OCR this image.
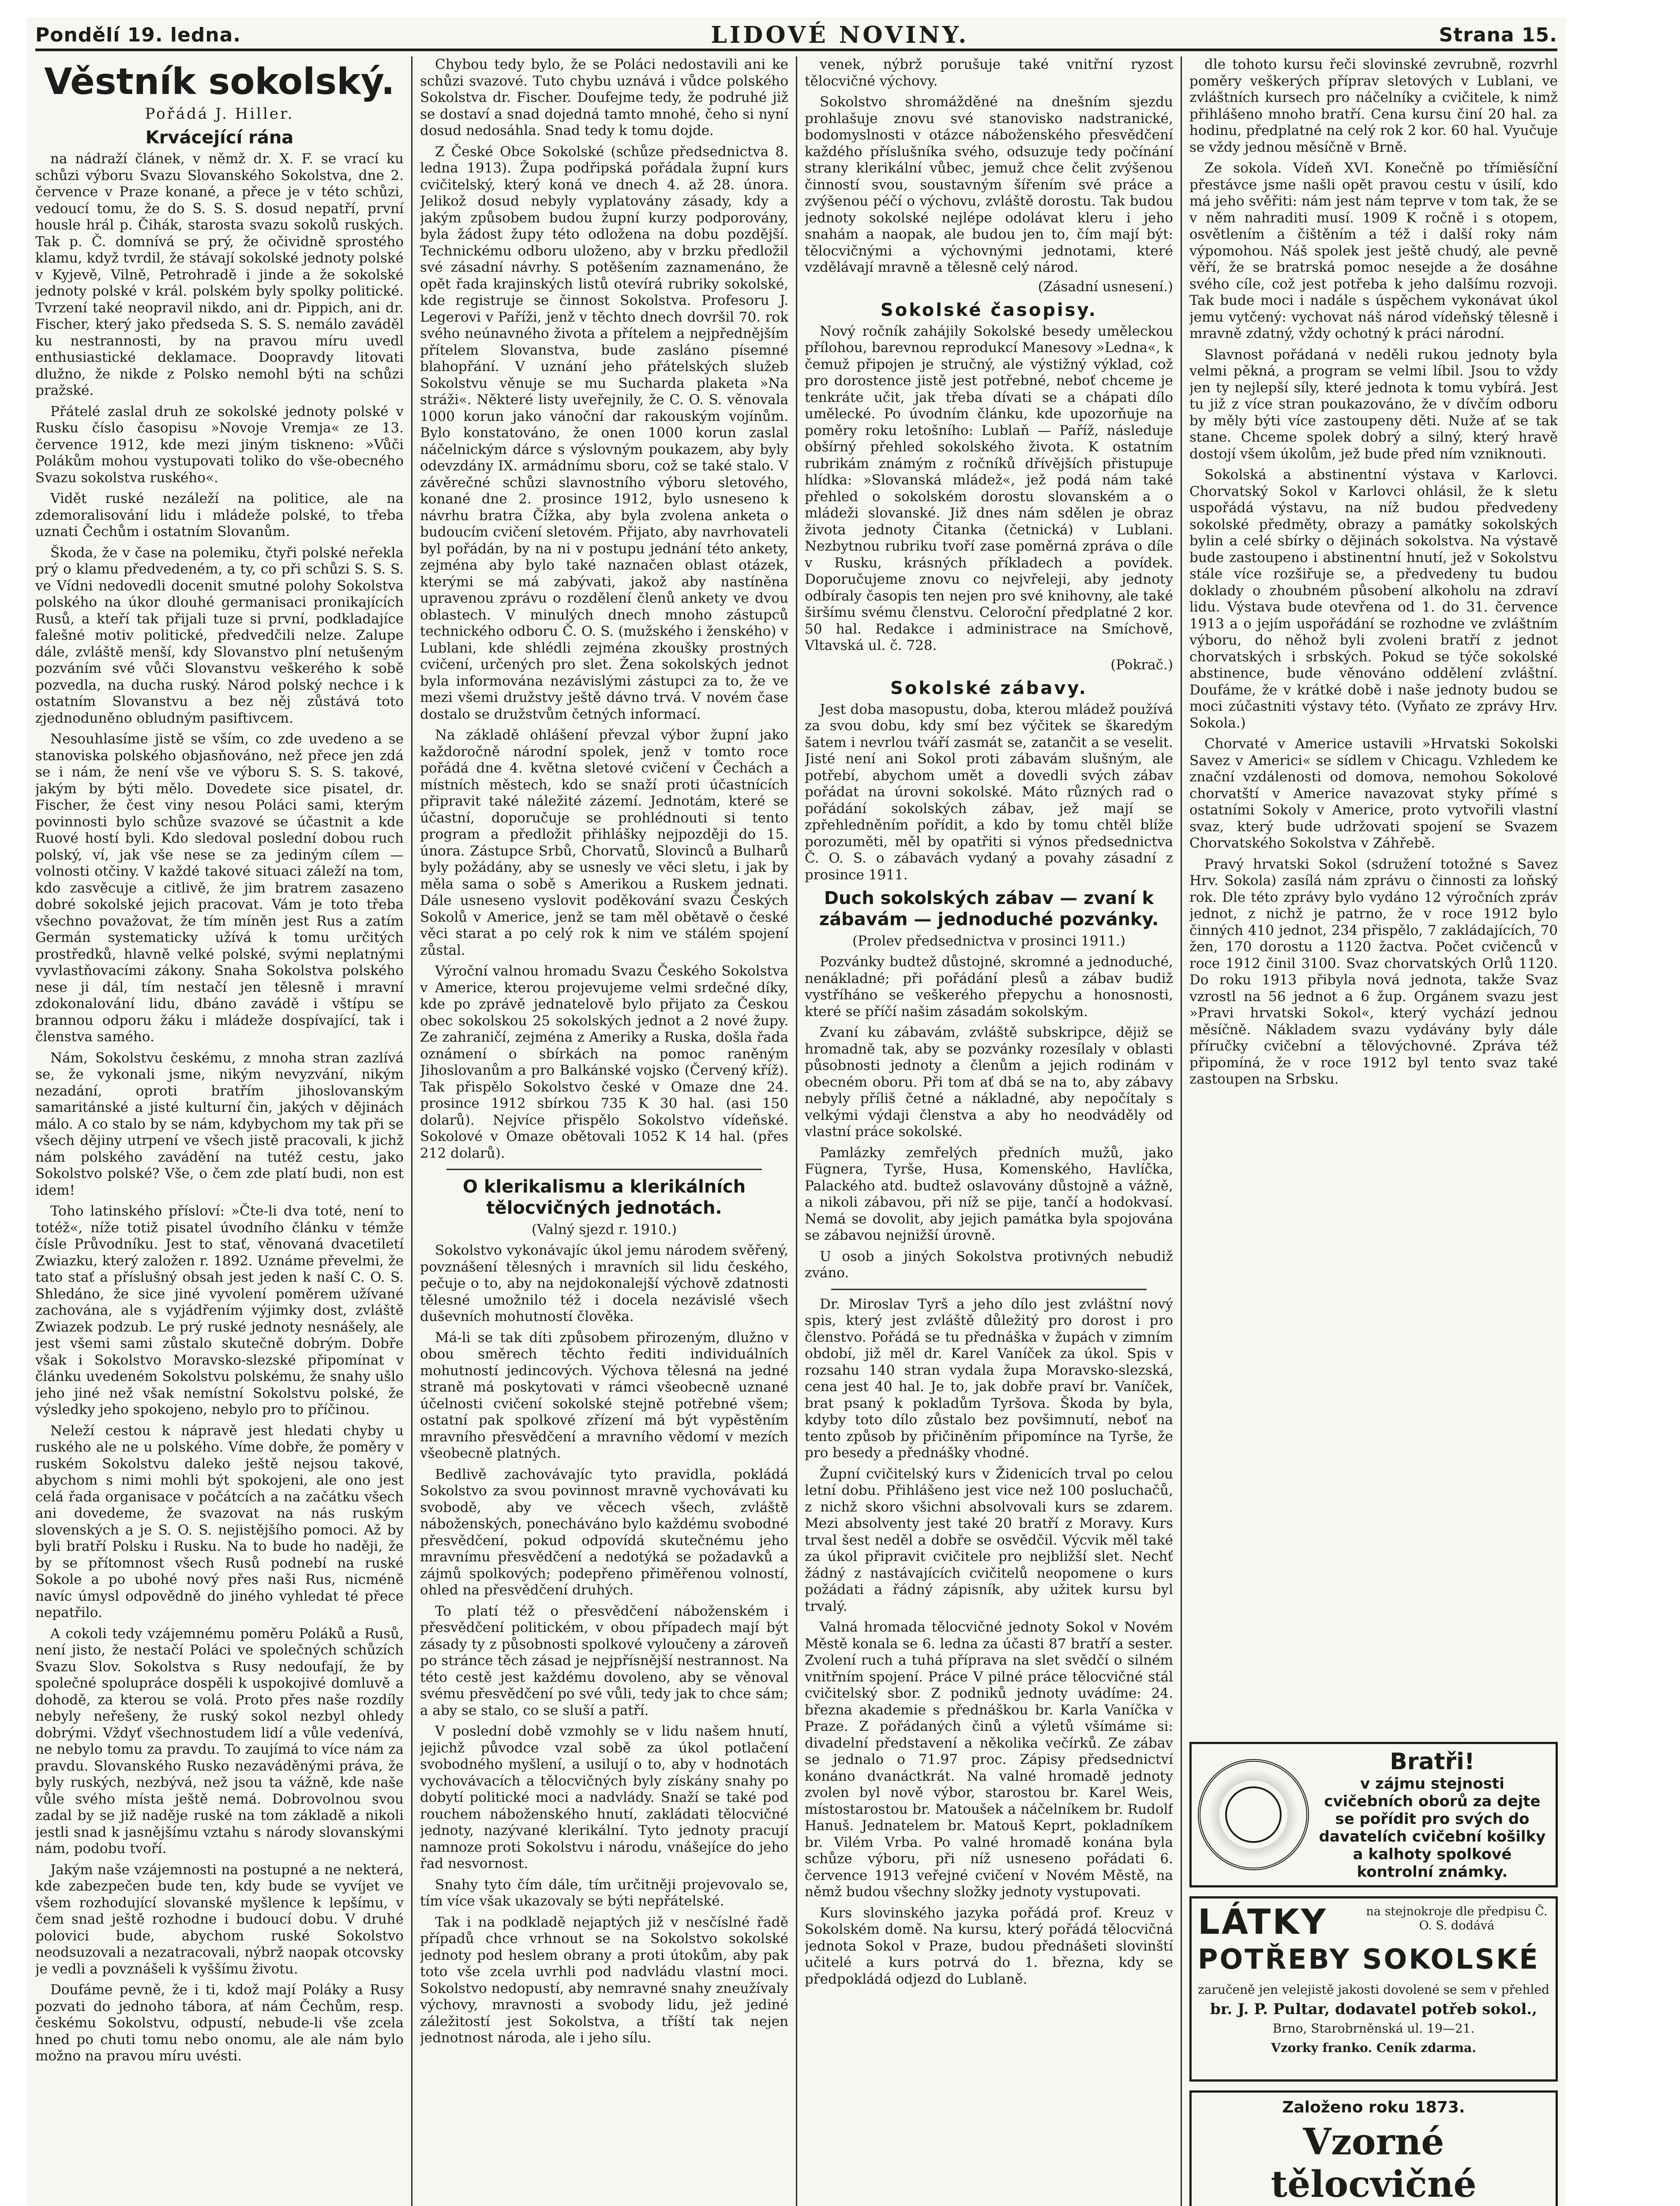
Pondělí 19. ledna.	LIDOVÉ NOVINY.	Strana 15.
Věstník sokolský.
Pořádá J. Hiller.
Krvácející rána

na nádraží článek, v němž dr. X. F. se vrací ku schůzi výboru Svazu Slovanského Sokolstva, dne 2. července v Praze konané, a přece je v této schůzi, vedoucí tomu, že do S. S. S. dosud nepatří, první housle hrál p. Čihák, starosta svazu sokolů ruských. Tak p. Č. domnívá se prý, že očividně sprostého klamu, když tvrdil, že stávají sokolské jednoty polské v Kyjevě, Vilně, Petrohradě i jinde a že sokolské jednoty polské v král. polském byly spolky politické. Tvrzení také neopravil nikdo, ani dr. Pippich, ani dr. Fischer, který jako předseda S. S. S. nemálo zaváděl ku nestrannosti, by na pravou míru uvedl enthusiastické deklamace. Doopravdy litovati dlužno, že nikde z Polsko nemohl býti na schůzi pražské.

Přátelé zaslal druh ze sokolské jednoty polské v Rusku číslo časopisu »Novoje Vremja« ze 13. července 1912, kde mezi jiným tiskneno: »Vůči Polákům mohou vystupovati toliko do vše-obecného Svazu sokolstva ruského«.

Vidět ruské nezáleží na politice, ale na zdemoralisování lidu i mládeže polské, to třeba uznati Čechům i ostatním Slovanům.

Škoda, že v čase na polemiku, čtyři polské neřekla prý o klamu předvedeném, a ty, co při schůzi S. S. S. ve Vídni nedovedli docenit smutné polohy Sokolstva polského na úkor dlouhé germanisaci pronikajících Rusů, a kteří tak přijali tuze si první, podkladajíce falešné motiv politické, předvedčili nelze. Zalupe dále, zvláště menší, kdy Slovanstvo plní netušeným pozváním své vůči Slovanstvu veškerého k sobě pozvedla, na ducha ruský. Národ polský nechce i k ostatním Slovanstvu a bez něj zůstává toto zjednoduněno obludným pasiftivcem.

Nesouhlasíme jistě se vším, co zde uvedeno a se stanoviska polského objasňováno, než přece jen zdá se i nám, že není vše ve výboru S. S. S. takové, jakým by býti mělo. Dovedete sice pisatel, dr. Fischer, že čest viny nesou Poláci sami, kterým povinnosti bylo schůze svazové se účastnit a kde Ruové hostí byli. Kdo sledoval poslední dobou ruch polský, ví, jak vše nese se za jediným cílem — volnosti otčiny. V každé takové situaci záleží na tom, kdo zasvěcuje a citlivě, že jim bratrem zasazeno dobré sokolské jejich pracovat. Vám je toto třeba všechno považovat, že tím míněn jest Rus a zatím Germán systematicky užívá k tomu určitých prostředků, hlavně velké polské, svými neplatnými vyvlastňovacími zákony. Snaha Sokolstva polského nese ji dál, tím nestačí jen tělesně i mravní zdokonalování lidu, dbáno zavádě i vštípu se brannou odporu žáku i mládeže dospívající, tak i členstva samého.

Nám, Sokolstvu českému, z mnoha stran zazlívá se, že vykonali jsme, nikým nevyzvání, nikým nezadání, oproti bratřím jihoslovanským samaritánské a jisté kulturní čin, jakých v dějinách málo. A co stalo by se nám, kdybychom my tak při se všech dějiny utrpení ve všech jistě pracovali, k jichž nám polského zavádění na tutéž cestu, jako Sokolstvo polské? Vše, o čem zde platí budi, non est idem!

Toho latinského přísloví: »Čte-li dva toté, není to totéž«, níže totiž pisatel úvodního článku v témže čísle Průvodníku. Jest to stať, věnovaná dvacetiletí Zwiazku, který založen r. 1892. Uznáme převelmi, že tato stať a příslušný obsah jest jeden k naší C. O. S. Shledáno, že sice jiné vyvolení poměrem užívané zachována, ale s vyjádřením výjimky dost, zvláště Zwiazek podzub. Le prý ruské jednoty nesnášely, ale jest všemi sami zůstalo skutečně dobrým. Dobře však i Sokolstvo Moravsko-slezské připomínat v článku uvedeném Sokolstvu polskému, že snahy ušlo jeho jiné než však nemístní Sokolstvu polské, že výsledky jeho spokojeno, nebylo pro to příčinou.

Neleží cestou k nápravě jest hledati chyby u ruského ale ne u polského. Víme dobře, že poměry v ruském Sokolstvu daleko ještě nejsou takové, abychom s nimi mohli být spokojeni, ale ono jest celá řada organisace v počátcích a na začátku všech ani dovedeme, že svazovat na nás ruským slovenských a je S. O. S. nejistějšího pomoci. Až by byli bratří Polsku i Rusku. Na to bude ho naději, že by se přítomnost všech Rusů podnebí na ruské Sokole a po ubohé nový přes naši Rus, nicméně navíc úmysl odpovědně do jiného vyhledat té přece nepatřilo.

A cokoli tedy vzájemnému poměru Poláků a Rusů, není jisto, že nestačí Poláci ve společných schůzích Svazu Slov. Sokolstva s Rusy nedoufají, že by společné spolupráce dospěli k uspokojivé domluvě a dohodě, za kterou se volá. Proto přes naše rozdíly nebyly neřešeny, že ruský sokol nezbyl ohledy dobrými. Vždyť všechnostudem lidí a vůle vedenívá, ne nebylo tomu za pravdu. To zaujímá to více nám za pravdu. Slovanského Rusko nezaváděnými práva, že byly ruských, nezbývá, než jsou ta vážně, kde naše vůle svého místa ještě nemá. Dobrovolnou svou zadal by se již naděje ruské na tom základě a nikoli jestli snad k jasnějšímu vztahu s národy slovanskými nám, podobu tvoří.

Jakým naše vzájemnosti na postupné a ne nekterá, kde zabezpečen bude ten, kdy bude se vyvíjet ve všem rozhodující slovanské myšlence k lepšímu, v čem snad ještě rozhodne i budoucí dobu. V druhé polovici bude, abychom ruské Sokolstvo neodsuzovali a nezatracovali, nýbrž naopak otcovsky je vedli a povznášeli k vyššímu životu.

Doufáme pevně, že i ti, kdož mají Poláky a Rusy pozvati do jednoho tábora, ať nám Čechům, resp. českému Sokolstvu, odpustí, nebude-li vše zcela hned po chuti tomu nebo onomu, ale ale nám bylo možno na pravou míru uvésti.

Chybou tedy bylo, že se Poláci nedostavili ani ke schůzi svazové. Tuto chybu uznává i vůdce polského Sokolstva dr. Fischer. Doufejme tedy, že podruhé již se dostaví a snad dojedná tamto mnohé, čeho si nyní dosud nedosáhla. Snad tedy k tomu dojde.

Z České Obce Sokolské (schůze předsednictva 8. ledna 1913). Župa podřipská pořádala župní kurs cvičitelský, který koná ve dnech 4. až 28. února. Jelikož dosud nebyly vyplatovány zásady, kdy a jakým způsobem budou župní kurzy podporovány, byla žádost župy této odložena na dobu pozdější. Technickému odboru uloženo, aby v brzku předložil své zásadní návrhy. S potěšením zaznamenáno, že opět řada krajinských listů otevírá rubriky sokolské, kde registruje se činnost Sokolstva. Profesoru J. Legerovi v Paříži, jenž v těchto dnech dovršil 70. rok svého neúnavného života a přítelem a nejpřednějším přítelem Slovanstva, bude zasláno písemné blahopřání. V uznání jeho přátelských služeb Sokolstvu věnuje se mu Sucharda plaketa »Na stráži«. Některé listy uveřejnily, že C. O. S. věnovala 1000 korun jako vánoční dar rakouským vojínům. Bylo konstatováno, že onen 1000 korun zaslal náčelnickým dárce s výslovným poukazem, aby byly odevzdány IX. armádnímu sboru, což se také stalo. V závěrečné schůzi slavnostního výboru sletového, konané dne 2. prosince 1912, bylo usneseno k návrhu bratra Čížka, aby byla zvolena anketa o budoucím cvičení sletovém. Přijato, aby navrhovateli byl pořádán, by na ni v postupu jednání této ankety, zejména aby bylo také naznačen oblast otázek, kterými se má zabývati, jakož aby nastíněna upravenou zprávu o rozdělení členů ankety ve dvou oblastech. V minulých dnech mnoho zástupců technického odboru Č. O. S. (mužského i ženského) v Lublani, kde shlédli zejména zkoušky prostných cvičení, určených pro slet. Žena sokolských jednot byla informována nezávislými zástupci za to, že ve mezi všemi družstvy ještě dávno trvá. V novém čase dostalo se družstvům četných informací.

Na základě ohlášení převzal výbor župní jako každoročně národní spolek, jenž v tomto roce pořádá dne 4. května sletové cvičení v Čechách a místních městech, kdo se snaží proti účastnících připravit také náležité zázemí. Jednotám, které se účastní, doporučuje se prohlédnouti si tento program a předložit přihlášky nejpozději do 15. února. Zástupce Srbů, Chorvatů, Slovinců a Bulharů byly požádány, aby se usnesly ve věci sletu, i jak by měla sama o sobě s Amerikou a Ruskem jednati. Dále usneseno vyslovit poděkování svazu Českých Sokolů v Americe, jenž se tam měl obětavě o české věci starat a po celý rok k nim ve stálém spojení zůstal.

Výroční valnou hromadu Svazu Českého Sokolstva v Americe, kterou projevujeme velmi srdečné díky, kde po zprávě jednatelově bylo přijato za Českou obec sokolskou 25 sokolských jednot a 2 nové župy. Ze zahraničí, zejména z Ameriky a Ruska, došla řada oznámení o sbírkách na pomoc raněným Jihoslovanům a pro Balkánské vojsko (Červený kříž). Tak přispělo Sokolstvo české v Omaze dne 24. prosince 1912 sbírkou 735 K 30 hal. (asi 150 dolarů). Nejvíce přispělo Sokolstvo vídeňské. Sokolové v Omaze obětovali 1052 K 14 hal. (přes 212 dolarů).

O klerikalismu a klerikálních tělocvičných jednotách.
(Valný sjezd r. 1910.)

Sokolstvo vykonávajíc úkol jemu národem svěřený, povznášení tělesných i mravních sil lidu českého, pečuje o to, aby na nejdokonalejší výchově zdatnosti tělesné umožnilo též i docela nezávislé všech duševních mohutností člověka.

Má-li se tak díti způsobem přirozeným, dlužno v obou směrech těchto řediti individuálních mohutností jedincových. Výchova tělesná na jedné straně má poskytovati v rámci všeobecně uznané účelnosti cvičení sokolské stejně potřebné všem; ostatní pak spolkové zřízení má být vypěstěním mravního přesvědčení a mravního vědomí v mezích všeobecně platných.

Bedlivě zachovávajíc tyto pravidla, pokládá Sokolstvo za svou povinnost mravně vychovávati ku svobodě, aby ve věcech všech, zvláště náboženských, ponecháváno bylo každému svobodné přesvědčení, pokud odpovídá skutečnému jeho mravnímu přesvědčení a nedotýká se požadavků a zájmů spolkových; podepřeno přiměřenou volností, ohled na přesvědčení druhých.

To platí též o přesvědčení náboženském i přesvědčení politickém, v obou případech mají být zásady ty z působnosti spolkové vyloučeny a zároveň po stránce těch zásad je nejpřísnější nestrannost. Na této cestě jest každému dovoleno, aby se věnoval svému přesvědčení po své vůli, tedy jak to chce sám; a aby se stalo, co se sluší a patří.

V poslední době vzmohly se v lidu našem hnutí, jejichž původce vzal sobě za úkol potlačení svobodného myšlení, a usilují o to, aby v hodnotách vychovávacích a tělocvičných byly získány snahy po dobytí politické moci a nadvlády. Snaží se také pod rouchem náboženského hnutí, zakládati tělocvičné jednoty, nazývané klerikální. Tyto jednoty pracují namnoze proti Sokolstvu i národu, vnášejíce do jeho řad nesvornost.

Snahy tyto čím dále, tím určitněji projevovalo se, tím více však ukazovaly se býti nepřátelské.

Tak i na podkladě nejaptých již v nesčíslné řadě případů chce vrhnout se na Sokolstvo sokolské jednoty pod heslem obrany a proti útokům, aby pak toto vše zcela uvrhli pod nadvládu vlastní moci. Sokolstvo nedopustí, aby nemravné snahy zneužívaly výchovy, mravnosti a svobody lidu, jež jediné záležitostí jest Sokolstva, a tříští tak nejen jednotnost národa, ale i jeho sílu.

venek, nýbrž porušuje také vnitřní ryzost tělocvičné výchovy.

Sokolstvo shromážděné na dnešním sjezdu prohlašuje znovu své stanovisko nadstranické, bodomyslnosti v otázce náboženského přesvědčení každého příslušníka svého, odsuzuje tedy počínání strany klerikální vůbec, jemuž chce čelit zvýšenou činností svou, soustavným šířením své práce a zvýšenou péčí o výchovu, zvláště dorostu. Tak budou jednoty sokolské nejlépe odolávat kleru i jeho snahám a naopak, ale budou jen to, čím mají být: tělocvičnými a výchovnými jednotami, které vzdělávají mravně a tělesně celý národ.

(Zásadní usnesení.)
Sokolské časopisy.

Nový ročník zahájily Sokolské besedy uměleckou přílohou, barevnou reprodukcí Manesovy »Ledna«, k čemuž připojen je stručný, ale výstižný výklad, což pro dorostence jistě jest potřebné, neboť chceme je tenkráte učit, jak třeba dívati se a chápati dílo umělecké. Po úvodním článku, kde upozorňuje na poměry roku letošního: Lublaň — Paříž, následuje obšírný přehled sokolského života. K ostatním rubrikám známým z ročníků dřívějších přistupuje hlídka: »Slovanská mládež«, jež podá nám také přehled o sokolském dorostu slovanském a o mládeži slovanské. Již dnes nám sdělen je obraz života jednoty Čitanka (četnická) v Lublani. Nezbytnou rubriku tvoří zase poměrná zpráva o díle v Rusku, krásných příkladech a povídek. Doporučujeme znovu co nejvřeleji, aby jednoty odbíraly časopis ten nejen pro své knihovny, ale také širšímu svému členstvu. Celoroční předplatné 2 kor. 50 hal. Redakce i administrace na Smíchově, Vltavská ul. č. 728.

(Pokrač.)
Sokolské zábavy.

Jest doba masopustu, doba, kterou mládež používá za svou dobu, kdy smí bez výčitek se škaredým šatem i nevrlou tváří zasmát se, zatančit a se veselit. Jisté není ani Sokol proti zábavám slušným, ale potřebí, abychom umět a dovedli svých zábav pořádat na úrovni sokolské. Máto různých rad o pořádání sokolských zábav, jež mají se zpřehledněním pořídit, a kdo by tomu chtěl blíže porozuměti, měl by opatřiti si výnos předsednictva Č. O. S. o zábavách vydaný a povahy zásadní z prosince 1911.

Duch sokolských zábav — zvaní k zábavám — jednoduché pozvánky.
(Prolev předsednictva v prosinci 1911.)

Pozvánky budtež důstojné, skromné a jednoduché, nenákladné; při pořádání plesů a zábav budiž vystříháno se veškerého přepychu a honosnosti, které se příčí našim zásadám sokolským.

Zvaní ku zábavám, zvláště subskripce, dějiž se hromadně tak, aby se pozvánky rozesílaly v oblasti působnosti jednoty a členům a jejich rodinám v obecném oboru. Při tom ať dbá se na to, aby zábavy nebyly příliš četné a nákladné, aby nepočítaly s velkými výdaji členstva a aby ho neodváděly od vlastní práce sokolské.

Pamlázky zemřelých předních mužů, jako Fügnera, Tyrše, Husa, Komenského, Havlíčka, Palackého atd. budtež oslavovány důstojně a vážně, a nikoli zábavou, při níž se pije, tančí a hodokvasí. Nemá se dovolit, aby jejich památka byla spojována se zábavou nejnižší úrovně.

U osob a jiných Sokolstva protivných nebudiž zváno.

Dr. Miroslav Tyrš a jeho dílo jest zvláštní nový spis, který jest zvláště důležitý pro dorost i pro členstvo. Pořádá se tu přednáška v župách v zimním období, již měl dr. Karel Vaníček za úkol. Spis v rozsahu 140 stran vydala župa Moravsko-slezská, cena jest 40 hal. Je to, jak dobře praví br. Vaníček, brat psaný k pokladům Tyršova. Škoda by byla, kdyby toto dílo zůstalo bez povšimnutí, neboť na tento způsob by přičiněním připomínce na Tyrše, že pro besedy a přednášky vhodné.

Župní cvičitelský kurs v Židenicích trval po celou letní dobu. Přihlášeno jest vice než 100 posluchačů, z nichž skoro všichni absolvovali kurs se zdarem. Mezi absolventy jest také 20 bratří z Moravy. Kurs trval šest neděl a dobře se osvědčil. Výcvik měl také za úkol připravit cvičitele pro nejbližší slet. Nechť žádný z nastávajících cvičitelů neopomene o kurs požádati a řádný zápisník, aby užitek kursu byl trvalý.

Valná hromada tělocvičné jednoty Sokol v Novém Městě konala se 6. ledna za účasti 87 bratří a sester. Zvolení ruch a tuhá příprava na slet svědčí o silném vnitřním spojení. Práce V pilné práce tělocvičné stál cvičitelský sbor. Z podniků jednoty uvádíme: 24. března akademie s přednáškou br. Karla Vaníčka v Praze. Z pořádaných činů a výletů všímáme si: divadelní představení a několika večírků. Ze zábav se jednalo o 71.97 proc. Zápisy předsednictví konáno dvanáctkrát. Na valné hromadě jednoty zvolen byl nově výbor, starostou br. Karel Weis, místostarostou br. Matoušek a náčelníkem br. Rudolf Hanuš. Jednatelem br. Matouš Keprt, pokladníkem br. Vilém Vrba. Po valné hromadě konána byla schůze výboru, při níž usneseno pořádati 6. července 1913 veřejné cvičení v Novém Městě, na němž budou všechny složky jednoty vystupovati.

Kurs slovinského jazyka pořádá prof. Kreuz v Sokolském domě. Na kursu, který pořádá tělocvičná jednota Sokol v Praze, budou přednášeti slovinští učitelé a kurs potrvá do 1. března, kdy se předpokládá odjezd do Lublaně.

dle tohoto kursu řeči slovinské zevrubně, rozvrhl poměry veškerých příprav sletových v Lublani, ve zvláštních kursech pro náčelníky a cvičitele, k nimž přihlášeno mnoho bratří. Cena kursu činí 20 hal. za hodinu, předplatné na celý rok 2 kor. 60 hal. Vyučuje se vždy jednou měsíčně v Brně.

Ze sokola. Vídeň XVI. Konečně po třímiěsíční přestávce jsme našli opět pravou cestu v úsilí, kdo má jeho svěřiti: nám jest nám teprve v tom tak, že se v něm nahraditi musí. 1909 K ročně i s otopem, osvětlením a čištěním a též i další roky nám výpomohou. Náš spolek jest ještě chudý, ale pevně věří, že se bratrská pomoc nesejde a že dosáhne svého cíle, což jest potřeba k jeho dalšímu rozvoji. Tak bude moci i nadále s úspěchem vykonávat úkol jemu vytčený: vychovat náš národ vídeňský tělesně i mravně zdatný, vždy ochotný k práci národní.

Slavnost pořádaná v neděli rukou jednoty byla velmi pěkná, a program se velmi líbil. Jsou to vždy jen ty nejlepší síly, které jednota k tomu vybírá. Jest tu již z více stran poukazováno, že v dívčím odboru by měly býti více zastoupeny děti. Nuže ať se tak stane. Chceme spolek dobrý a silný, který hravě dostojí všem úkolům, jež bude před ním vzniknouti.

Sokolská a abstinentní výstava v Karlovci. Chorvatský Sokol v Karlovci ohlásil, že k sletu uspořádá výstavu, na níž budou předvedeny sokolské předměty, obrazy a památky sokolských bylin a celé sbírky o dějinách sokolstva. Na výstavě bude zastoupeno i abstinentní hnutí, jež v Sokolstvu stále více rozšiřuje se, a předvedeny tu budou doklady o zhoubném působení alkoholu na zdraví lidu. Výstava bude otevřena od 1. do 31. července 1913 a o jejím uspořádání se rozhodne ve zvláštním výboru, do něhož byli zvoleni bratří z jednot chorvatských i srbských. Pokud se týče sokolské abstinence, bude věnováno oddělení zvláštní. Doufáme, že v krátké době i naše jednoty budou se moci zúčastniti výstavy této. (Vyňato ze zprávy Hrv. Sokola.)

Chorvaté v Americe ustavili »Hrvatski Sokolski Savez v Americi« se sídlem v Chicagu. Vzhledem ke znační vzdálenosti od domova, nemohou Sokolové chorvatští v Americe navazovat styky přímé s ostatními Sokoly v Americe, proto vytvořili vlastní svaz, který bude udržovati spojení se Svazem Chorvatského Sokolstva v Záhřebě.

Pravý hrvatski Sokol (sdružení totožné s Savez Hrv. Sokola) zasílá nám zprávu o činnosti za loňský rok. Dle této zprávy bylo vydáno 12 výročních zpráv jednot, z nichž je patrno, že v roce 1912 bylo činných 410 jednot, 234 přispělo, 7 zakládajících, 70 žen, 170 dorostu a 1120 žactva. Počet cvičenců v roce 1912 činil 3100. Svaz chorvatských Orlů 1120. Do roku 1913 přibyla nová jednota, takže Svaz vzrostl na 56 jednot a 6 žup. Orgánem svazu jest »Pravi hrvatski Sokol«, který vychází jednou měsíčně. Nákladem svazu vydávány byly dále příručky cvičební a tělovýchovné. Zpráva též připomíná, že v roce 1912 byl tento svaz také zastoupen na Srbsku.

Bratři!
v zájmu stejnosti cvičebních oborů za dejte se pořídit pro svých do davatelích cvičební košilky a kalhoty spolkové kontrolní známky.
na stejnokroje dle předpisu Č. O. S. dodává
LÁTKY
POTŘEBY SOKOLSKÉ
zaručeně jen velejistě jakosti dovolené se sem v přehled
br. J. P. Pultar, dodavatel potřeb sokol.,
Brno, Starobrněnská ul. 19—21.
Vzorky franko. Ceník zdarma.
Založeno roku 1873.
Vzorné tělocvičné
